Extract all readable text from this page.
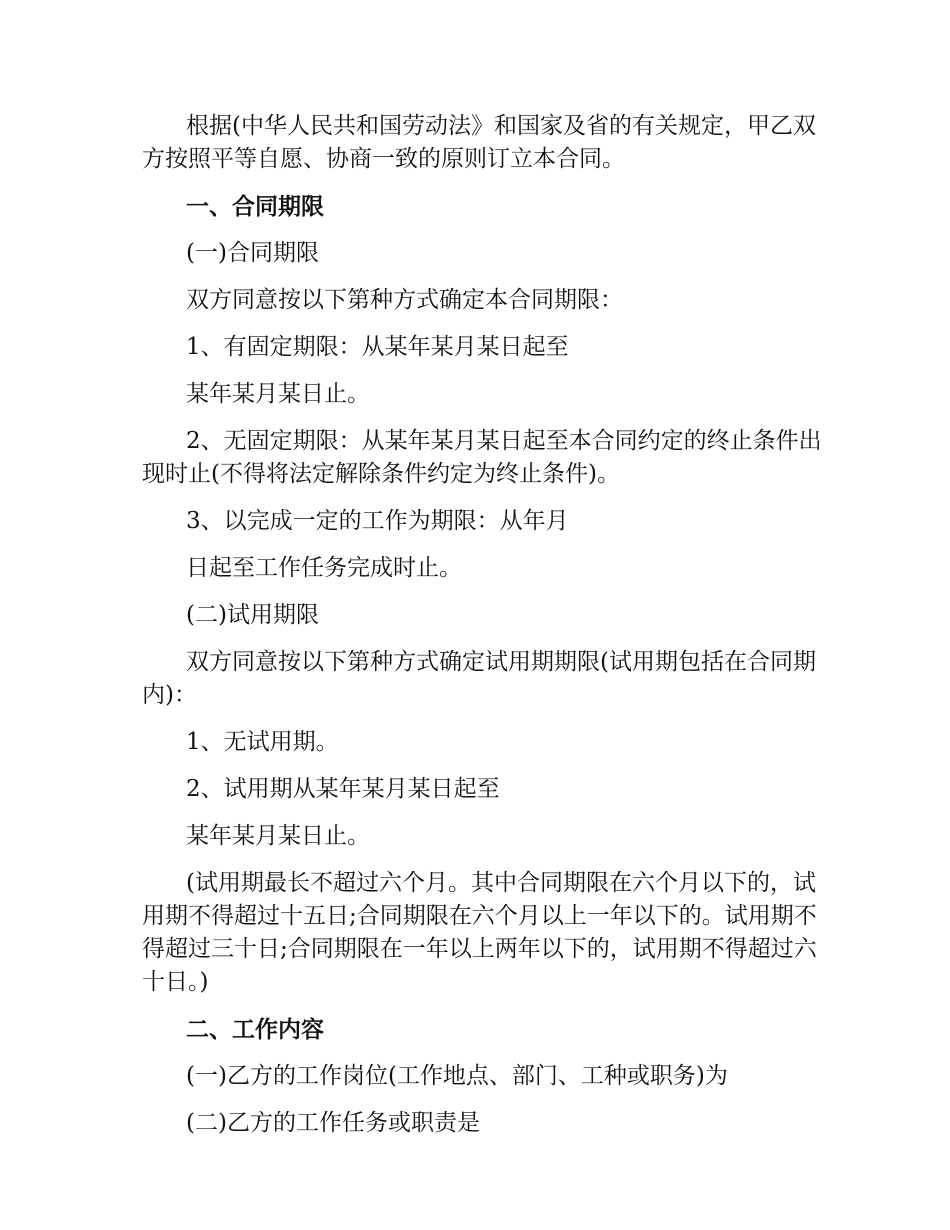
根据(中华人民共和国劳动法》和国家及省的有关规定，甲乙双方按照平等自愿、协商一致的原则订立本合同。

一、合同期限

(一)合同期限

双方同意按以下第种方式确定本合同期限：

1、有固定期限：从某年某月某日起至

某年某月某日止。

2、无固定期限：从某年某月某日起至本合同约定的终止条件出现时止(不得将法定解除条件约定为终止条件)。

3、以完成一定的工作为期限：从年月

日起至工作任务完成时止。

(二)试用期限

双方同意按以下第种方式确定试用期期限(试用期包括在合同期内)：

1、无试用期。

2、试用期从某年某月某日起至

某年某月某日止。

(试用期最长不超过六个月。其中合同期限在六个月以下的，试用期不得超过十五日;合同期限在六个月以上一年以下的。试用期不得超过三十日;合同期限在一年以上两年以下的，试用期不得超过六十日。)

二、工作内容

(一)乙方的工作岗位(工作地点、部门、工种或职务)为

(二)乙方的工作任务或职责是
